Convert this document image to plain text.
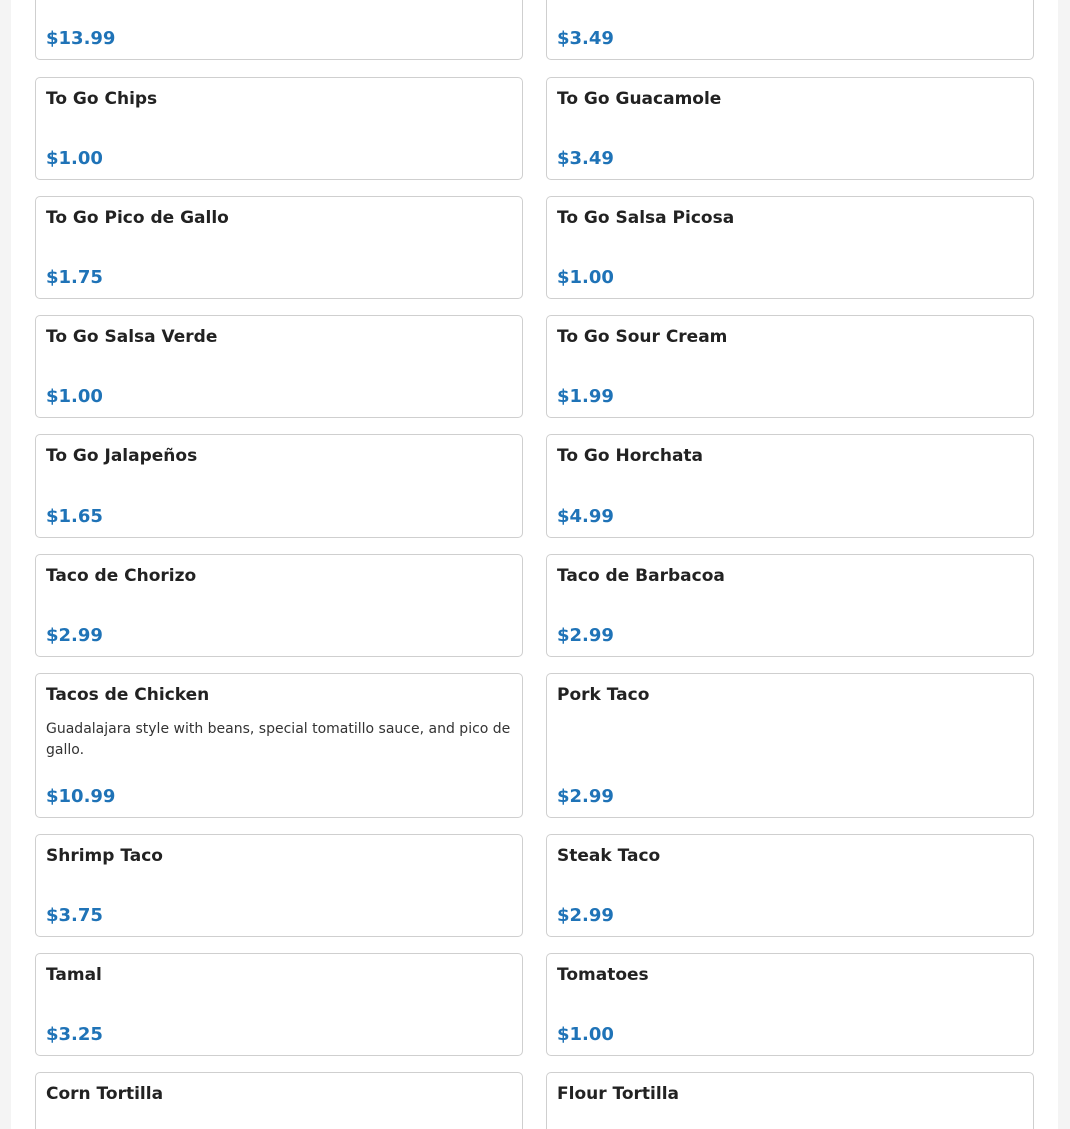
$13.99	$3.49
To Go Chips
$1.00
To Go Guacamole
$3.49
To Go Pico de Gallo
$1.75
To Go Salsa Picosa
$1.00
To Go Salsa Verde
$1.00
To Go Sour Cream
$1.99
To Go Jalapeños
$1.65
To Go Horchata
$4.99
Taco de Chorizo
$2.99
Taco de Barbacoa
$2.99
Tacos de Chicken
Guadalajara style with beans, special tomatillo sauce, and pico de gallo.
$10.99
Pork Taco
$2.99
Shrimp Taco
$3.75
Steak Taco
$2.99
Tamal
$3.25
Tomatoes
$1.00
Corn Tortilla	Flour Tortilla
